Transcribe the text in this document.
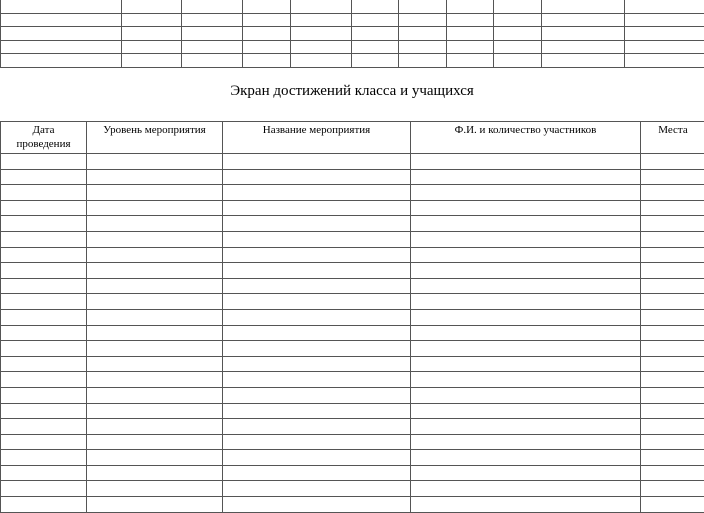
Экран достижений класса и учащихся
Дата
проведения	Уровень мероприятия	Название мероприятия	Ф.И. и количество участников	Места
